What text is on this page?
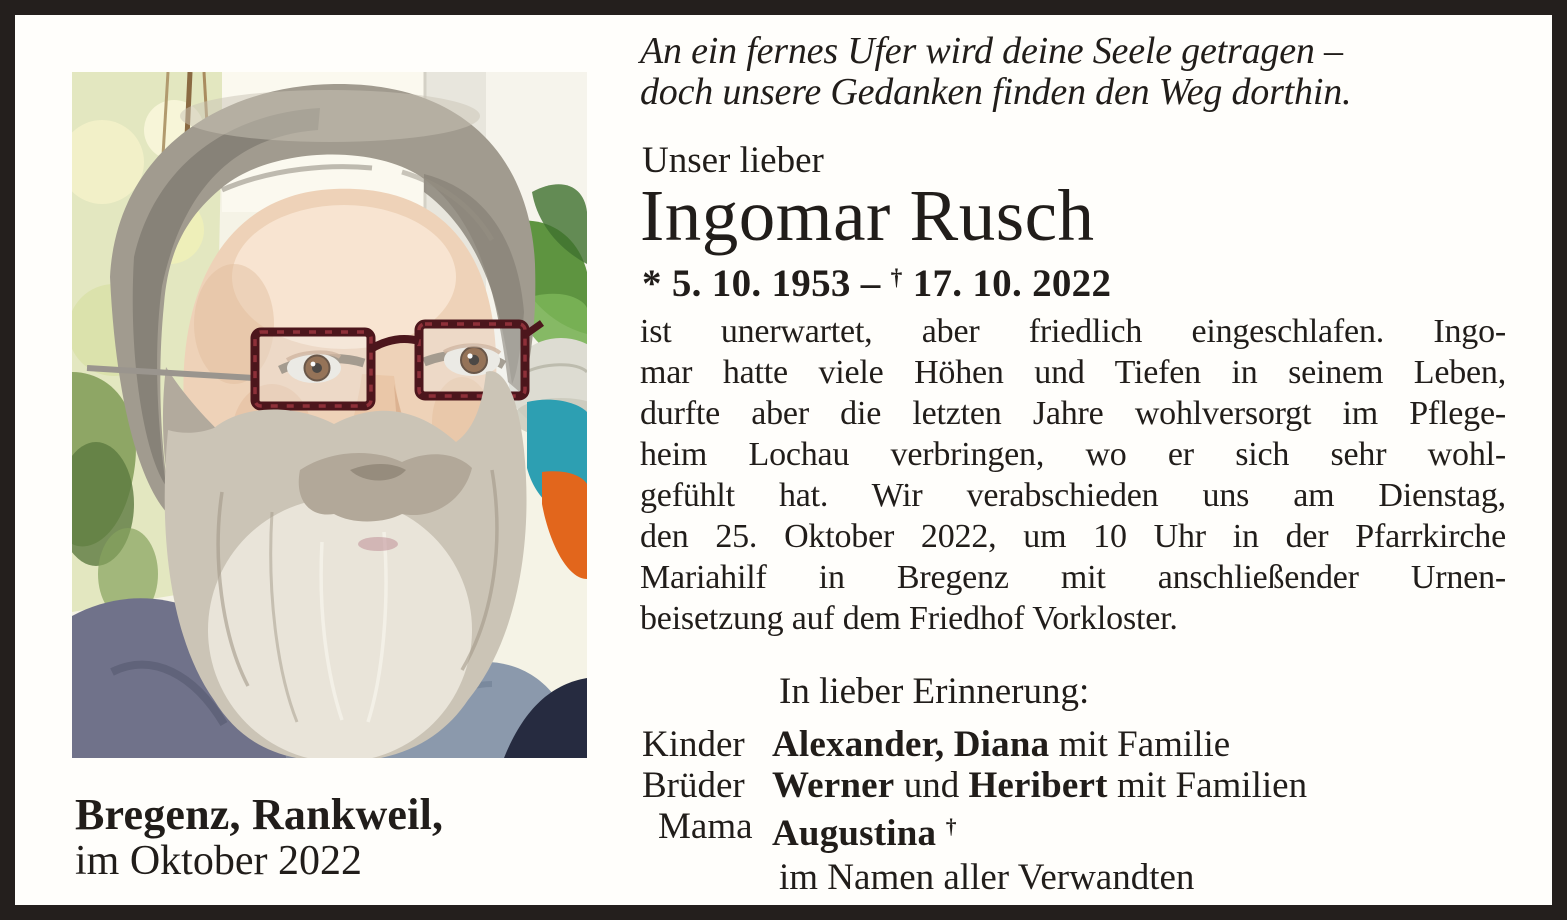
Bregenz, Rankweil,
im Oktober 2022
An ein fernes Ufer wird deine Seele getragen –
doch unsere Gedanken finden den Weg dorthin.
Unser lieber
Ingomar Rusch
* 5. 10. 1953 – † 17. 10. 2022
ist unerwartet, aber friedlich eingeschlafen. Ingo-
mar hatte viele Höhen und Tiefen in seinem Leben,
durfte aber die letzten Jahre wohlversorgt im Pflege-
heim Lochau verbringen, wo er sich sehr wohl-
gefühlt hat. Wir verabschieden uns am Dienstag,
den 25. Oktober 2022, um 10 Uhr in der Pfarrkirche
Mariahilf in Bregenz mit anschließender Urnen-
beisetzung auf dem Friedhof Vorkloster.
In lieber Erinnerung:
Kinder Alexander, Diana mit Familie
Brüder Werner und Heribert mit Familien
Mama Augustina †
im Namen aller Verwandten
